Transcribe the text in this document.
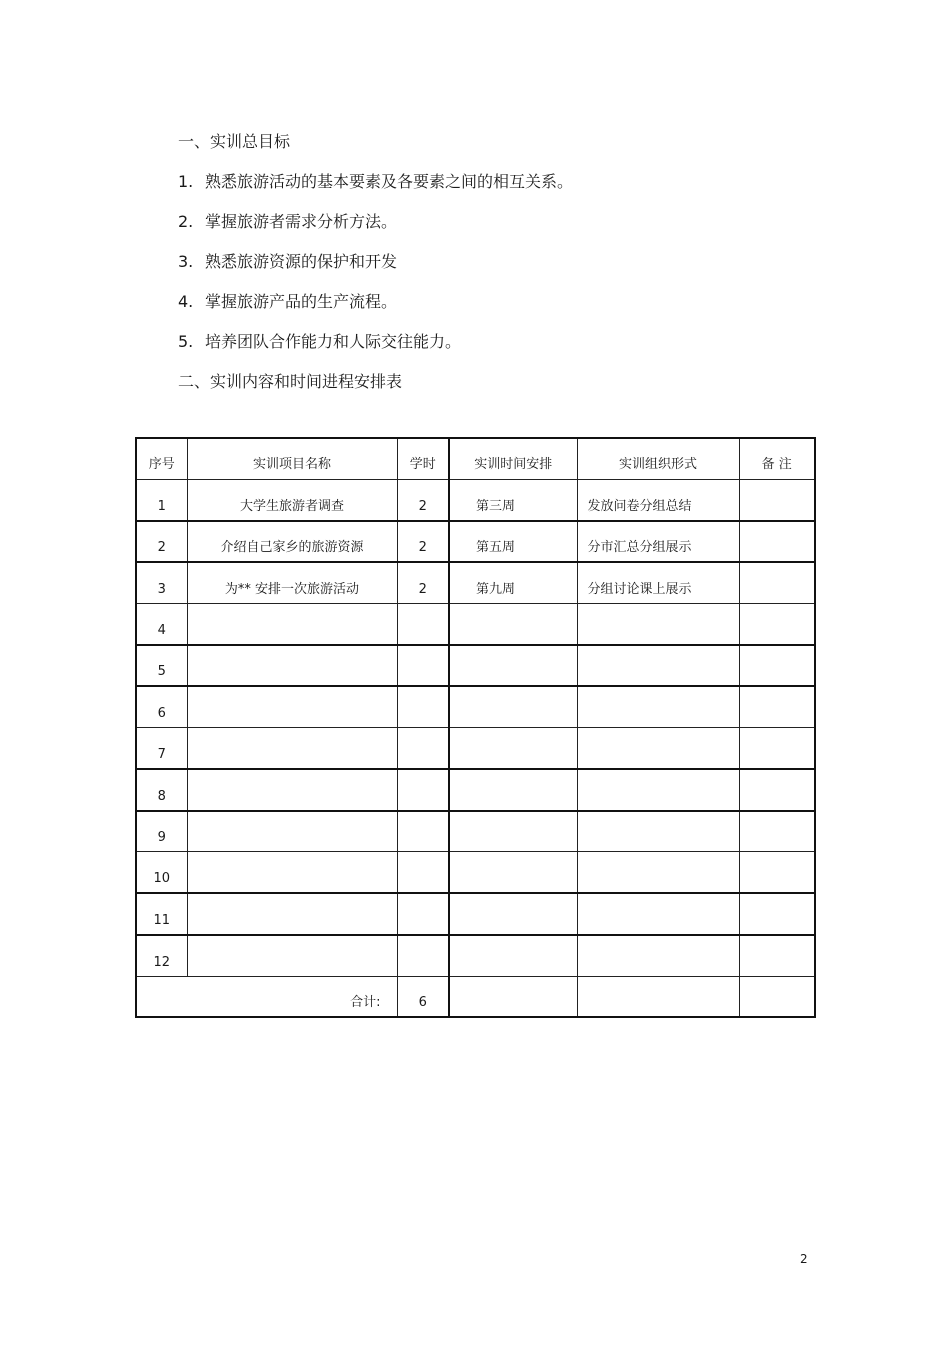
一、实训总目标
1. 熟悉旅游活动的基本要素及各要素之间的相互关系。
2. 掌握旅游者需求分析方法。
3. 熟悉旅游资源的保护和开发
4. 掌握旅游产品的生产流程。
5. 培养团队合作能力和人际交往能力。
二、实训内容和时间进程安排表
序号	实训项目名称	学时	实训时间安排	实训组织形式	备 注
1	大学生旅游者调查	2	第三周	发放问卷分组总结	
2	介绍自己家乡的旅游资源	2	第五周	分市汇总分组展示	
3	为** 安排一次旅游活动	2	第九周	分组讨论课上展示	
4					
5					
6					
7					
8					
9					
10					
11					
12					
合计:		6			
2
